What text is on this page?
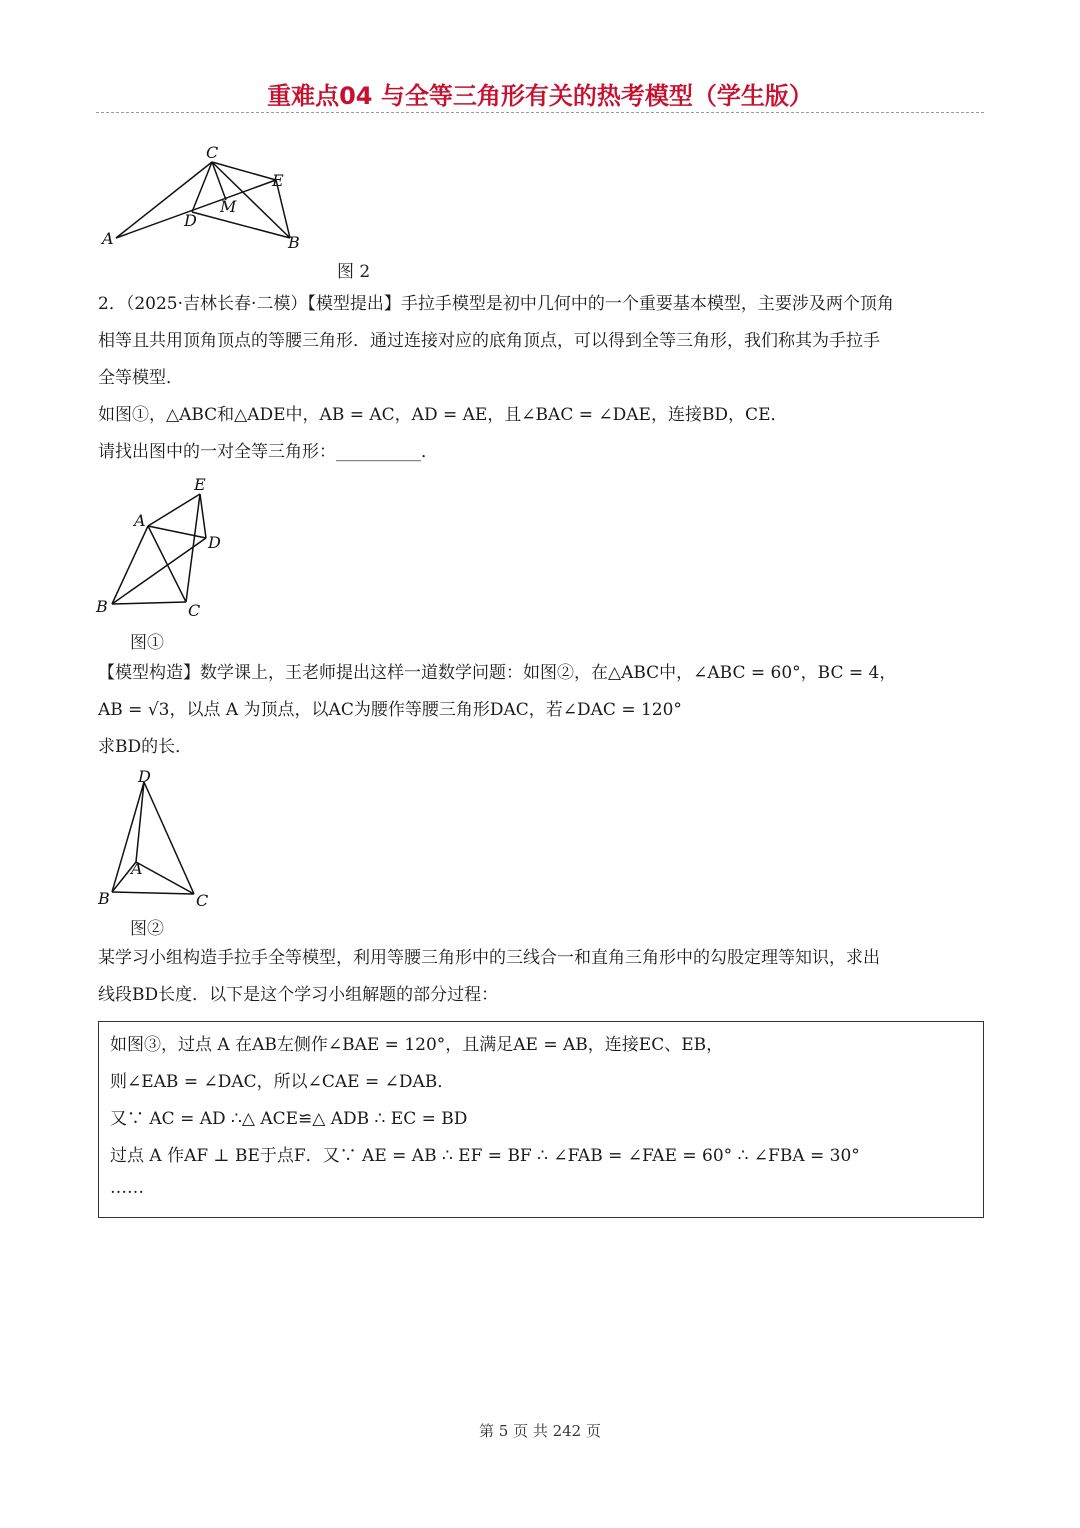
重难点04 与全等三角形有关的热考模型（学生版）
A	B
C
D
E
M
图 2
2．（2025·吉林长春·二模）【模型提出】手拉手模型是初中几何中的一个重要基本模型，主要涉及两个顶角
相等且共用顶角顶点的等腰三角形．通过连接对应的底角顶点，可以得到全等三角形，我们称其为手拉手
全等模型．
如图①，△ABC和△ADE中，AB = AC，AD = AE，且∠BAC = ∠DAE，连接BD，CE．
请找出图中的一对全等三角形：__________．
A
B	C
D
E
图①
【模型构造】数学课上，王老师提出这样一道数学问题：如图②，在△ABC中，∠ABC = 60°，BC = 4，
AB = √3，以点 A 为顶点，以AC为腰作等腰三角形DAC，若∠DAC = 120°
求BD的长．
D
A
B	C
图②
某学习小组构造手拉手全等模型，利用等腰三角形中的三线合一和直角三角形中的勾股定理等知识，求出
线段BD长度．以下是这个学习小组解题的部分过程：
如图③，过点 A 在AB左侧作∠BAE = 120°，且满足AE = AB，连接EC、EB，
则∠EAB = ∠DAC，所以∠CAE = ∠DAB．
又∵ AC = AD ∴△ ACE≌△ ADB ∴ EC = BD
过点 A 作AF ⊥ BE于点F．又∵ AE = AB ∴ EF = BF ∴ ∠FAB = ∠FAE = 60° ∴ ∠FBA = 30°
……
第 5 页 共 242 页
